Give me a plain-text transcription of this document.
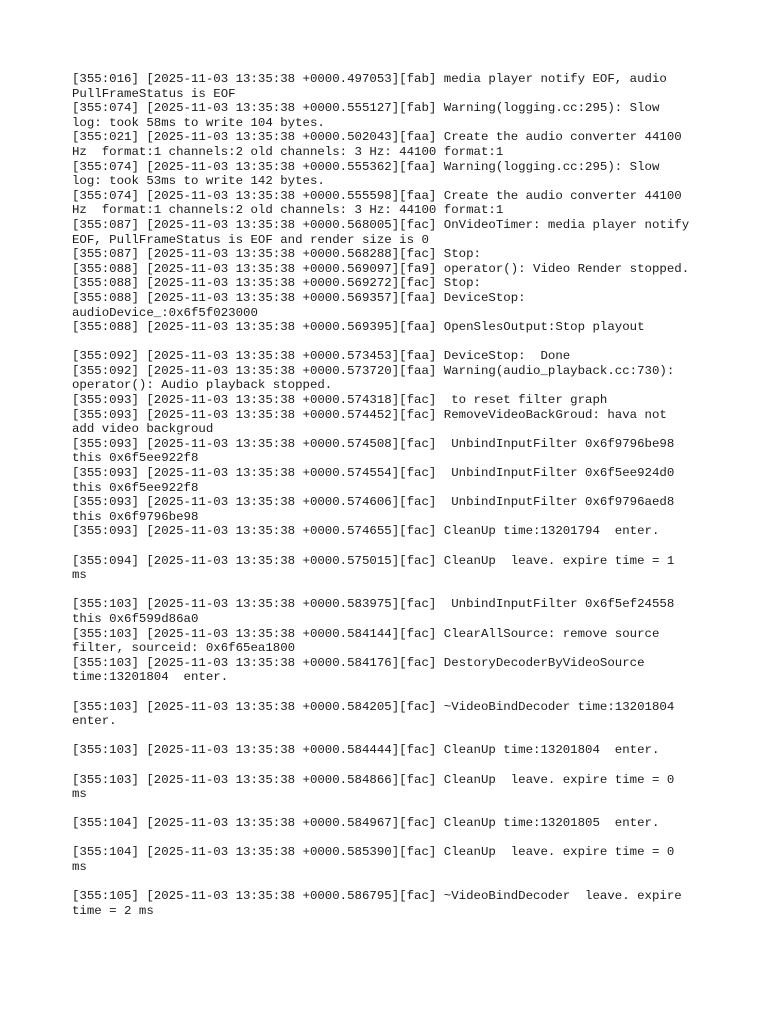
[355:016] [2025-11-03 13:35:38 +0000.497053][fab] media player notify EOF, audio
PullFrameStatus is EOF
[355:074] [2025-11-03 13:35:38 +0000.555127][fab] Warning(logging.cc:295): Slow
log: took 58ms to write 104 bytes.
[355:021] [2025-11-03 13:35:38 +0000.502043][faa] Create the audio converter 44100
Hz  format:1 channels:2 old channels: 3 Hz: 44100 format:1
[355:074] [2025-11-03 13:35:38 +0000.555362][faa] Warning(logging.cc:295): Slow
log: took 53ms to write 142 bytes.
[355:074] [2025-11-03 13:35:38 +0000.555598][faa] Create the audio converter 44100
Hz  format:1 channels:2 old channels: 3 Hz: 44100 format:1
[355:087] [2025-11-03 13:35:38 +0000.568005][fac] OnVideoTimer: media player notify
EOF, PullFrameStatus is EOF and render size is 0
[355:087] [2025-11-03 13:35:38 +0000.568288][fac] Stop:
[355:088] [2025-11-03 13:35:38 +0000.569097][fa9] operator(): Video Render stopped.
[355:088] [2025-11-03 13:35:38 +0000.569272][fac] Stop:
[355:088] [2025-11-03 13:35:38 +0000.569357][faa] DeviceStop:
audioDevice_:0x6f5f023000
[355:088] [2025-11-03 13:35:38 +0000.569395][faa] OpenSlesOutput:Stop playout

[355:092] [2025-11-03 13:35:38 +0000.573453][faa] DeviceStop:  Done
[355:092] [2025-11-03 13:35:38 +0000.573720][faa] Warning(audio_playback.cc:730):
operator(): Audio playback stopped.
[355:093] [2025-11-03 13:35:38 +0000.574318][fac]  to reset filter graph
[355:093] [2025-11-03 13:35:38 +0000.574452][fac] RemoveVideoBackGroud: hava not
add video backgroud
[355:093] [2025-11-03 13:35:38 +0000.574508][fac]  UnbindInputFilter 0x6f9796be98
this 0x6f5ee922f8
[355:093] [2025-11-03 13:35:38 +0000.574554][fac]  UnbindInputFilter 0x6f5ee924d0
this 0x6f5ee922f8
[355:093] [2025-11-03 13:35:38 +0000.574606][fac]  UnbindInputFilter 0x6f9796aed8
this 0x6f9796be98
[355:093] [2025-11-03 13:35:38 +0000.574655][fac] CleanUp time:13201794  enter.

[355:094] [2025-11-03 13:35:38 +0000.575015][fac] CleanUp  leave. expire time = 1
ms

[355:103] [2025-11-03 13:35:38 +0000.583975][fac]  UnbindInputFilter 0x6f5ef24558
this 0x6f599d86a0
[355:103] [2025-11-03 13:35:38 +0000.584144][fac] ClearAllSource: remove source
filter, sourceid: 0x6f65ea1800
[355:103] [2025-11-03 13:35:38 +0000.584176][fac] DestoryDecoderByVideoSource
time:13201804  enter.

[355:103] [2025-11-03 13:35:38 +0000.584205][fac] ~VideoBindDecoder time:13201804
enter.

[355:103] [2025-11-03 13:35:38 +0000.584444][fac] CleanUp time:13201804  enter.

[355:103] [2025-11-03 13:35:38 +0000.584866][fac] CleanUp  leave. expire time = 0
ms

[355:104] [2025-11-03 13:35:38 +0000.584967][fac] CleanUp time:13201805  enter.

[355:104] [2025-11-03 13:35:38 +0000.585390][fac] CleanUp  leave. expire time = 0
ms

[355:105] [2025-11-03 13:35:38 +0000.586795][fac] ~VideoBindDecoder  leave. expire
time = 2 ms
